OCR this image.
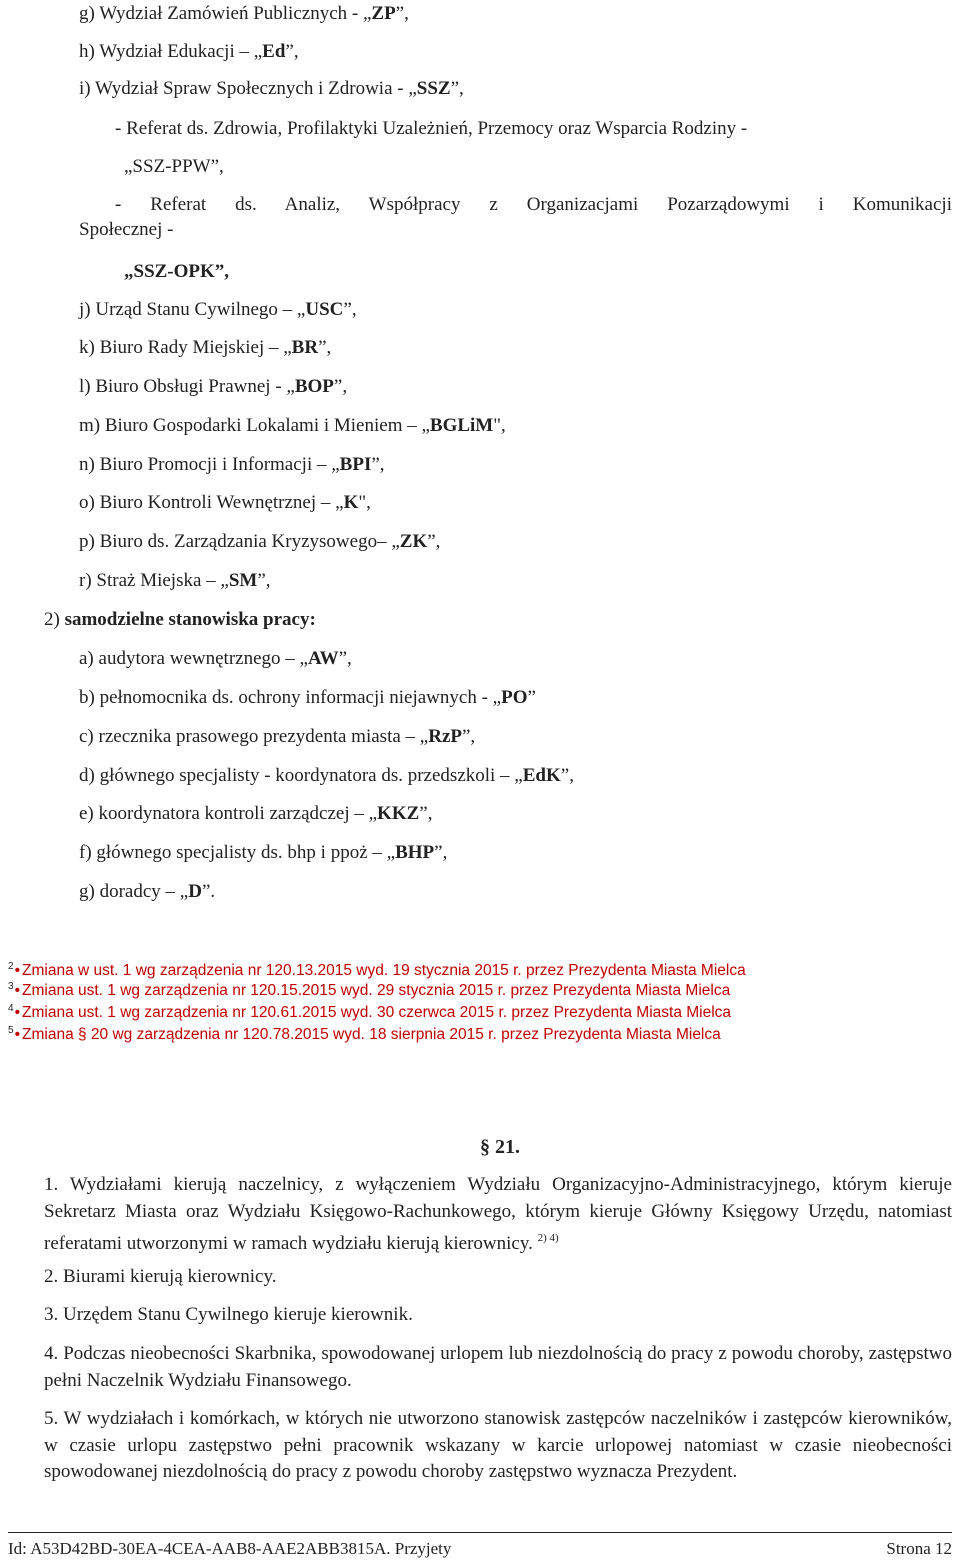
g) Wydział Zamówień Publicznych - „ZP”,
h) Wydział Edukacji – „Ed”,
i) Wydział Spraw Społecznych i Zdrowia - „SSZ”,
- Referat ds. Zdrowia, Profilaktyki Uzależnień, Przemocy oraz Wsparcia Rodziny -
„SSZ-PPW”,
- Referat ds. Analiz, Współpracy z Organizacjami Pozarządowymi i Komunikacji
Społecznej -
„SSZ-OPK”,
j) Urząd Stanu Cywilnego – „USC”,
k) Biuro Rady Miejskiej – „BR”,
l) Biuro Obsługi Prawnej - „BOP”,
m) Biuro Gospodarki Lokalami i Mieniem – „BGLiM",
n) Biuro Promocji i Informacji – „BPI”,
o) Biuro Kontroli Wewnętrznej – „K",
p) Biuro ds. Zarządzania Kryzysowego– „ZK”,
r) Straż Miejska – „SM”,
2) samodzielne stanowiska pracy:
a) audytora wewnętrznego – „AW”,
b) pełnomocnika ds. ochrony informacji niejawnych - „PO”
c) rzecznika prasowego prezydenta miasta – „RzP”,
d) głównego specjalisty - koordynatora ds. przedszkoli – „EdK”,
e) koordynatora kontroli zarządczej – „KKZ”,
f) głównego specjalisty ds. bhp i ppoż – „BHP”,
g) doradcy – „D”.
$^2$• Zmiana w ust. 1 wg zarządzenia nr 120.13.2015 wyd. 19 stycznia 2015 r. przez Prezydenta Miasta Mielca
$^3$• Zmiana ust. 1 wg zarządzenia nr 120.15.2015 wyd. 29 stycznia 2015 r. przez Prezydenta Miasta Mielca
$^4$• Zmiana ust. 1 wg zarządzenia nr 120.61.2015 wyd. 30 czerwca 2015 r. przez Prezydenta Miasta Mielca
$^5$• Zmiana § 20 wg zarządzenia nr 120.78.2015 wyd. 18 sierpnia 2015 r. przez Prezydenta Miasta Mielca
§ 21.
1. Wydziałami kierują naczelnicy, z wyłączeniem Wydziału Organizacyjno-Administracyjnego, którym kieruje Sekretarz Miasta oraz Wydziału Księgowo-Rachunkowego, którym kieruje Główny Księgowy Urzędu, natomiast referatami utworzonymi w ramach wydziału kierują kierownicy. $^{2) 4)}$
2. Biurami kierują kierownicy.
3. Urzędem Stanu Cywilnego kieruje kierownik.
4. Podczas nieobecności Skarbnika, spowodowanej urlopem lub niezdolnością do pracy z powodu choroby, zastępstwo pełni Naczelnik Wydziału Finansowego.
5. W wydziałach i komórkach, w których nie utworzono stanowisk zastępców naczelników i zastępców kierowników, w czasie urlopu zastępstwo pełni pracownik wskazany w karcie urlopowej natomiast w czasie nieobecności spowodowanej niezdolnością do pracy z powodu choroby zastępstwo wyznacza Prezydent.
Id: A53D42BD-30EA-4CEA-AAB8-AAE2ABB3815A. Przyjety	Strona 12
